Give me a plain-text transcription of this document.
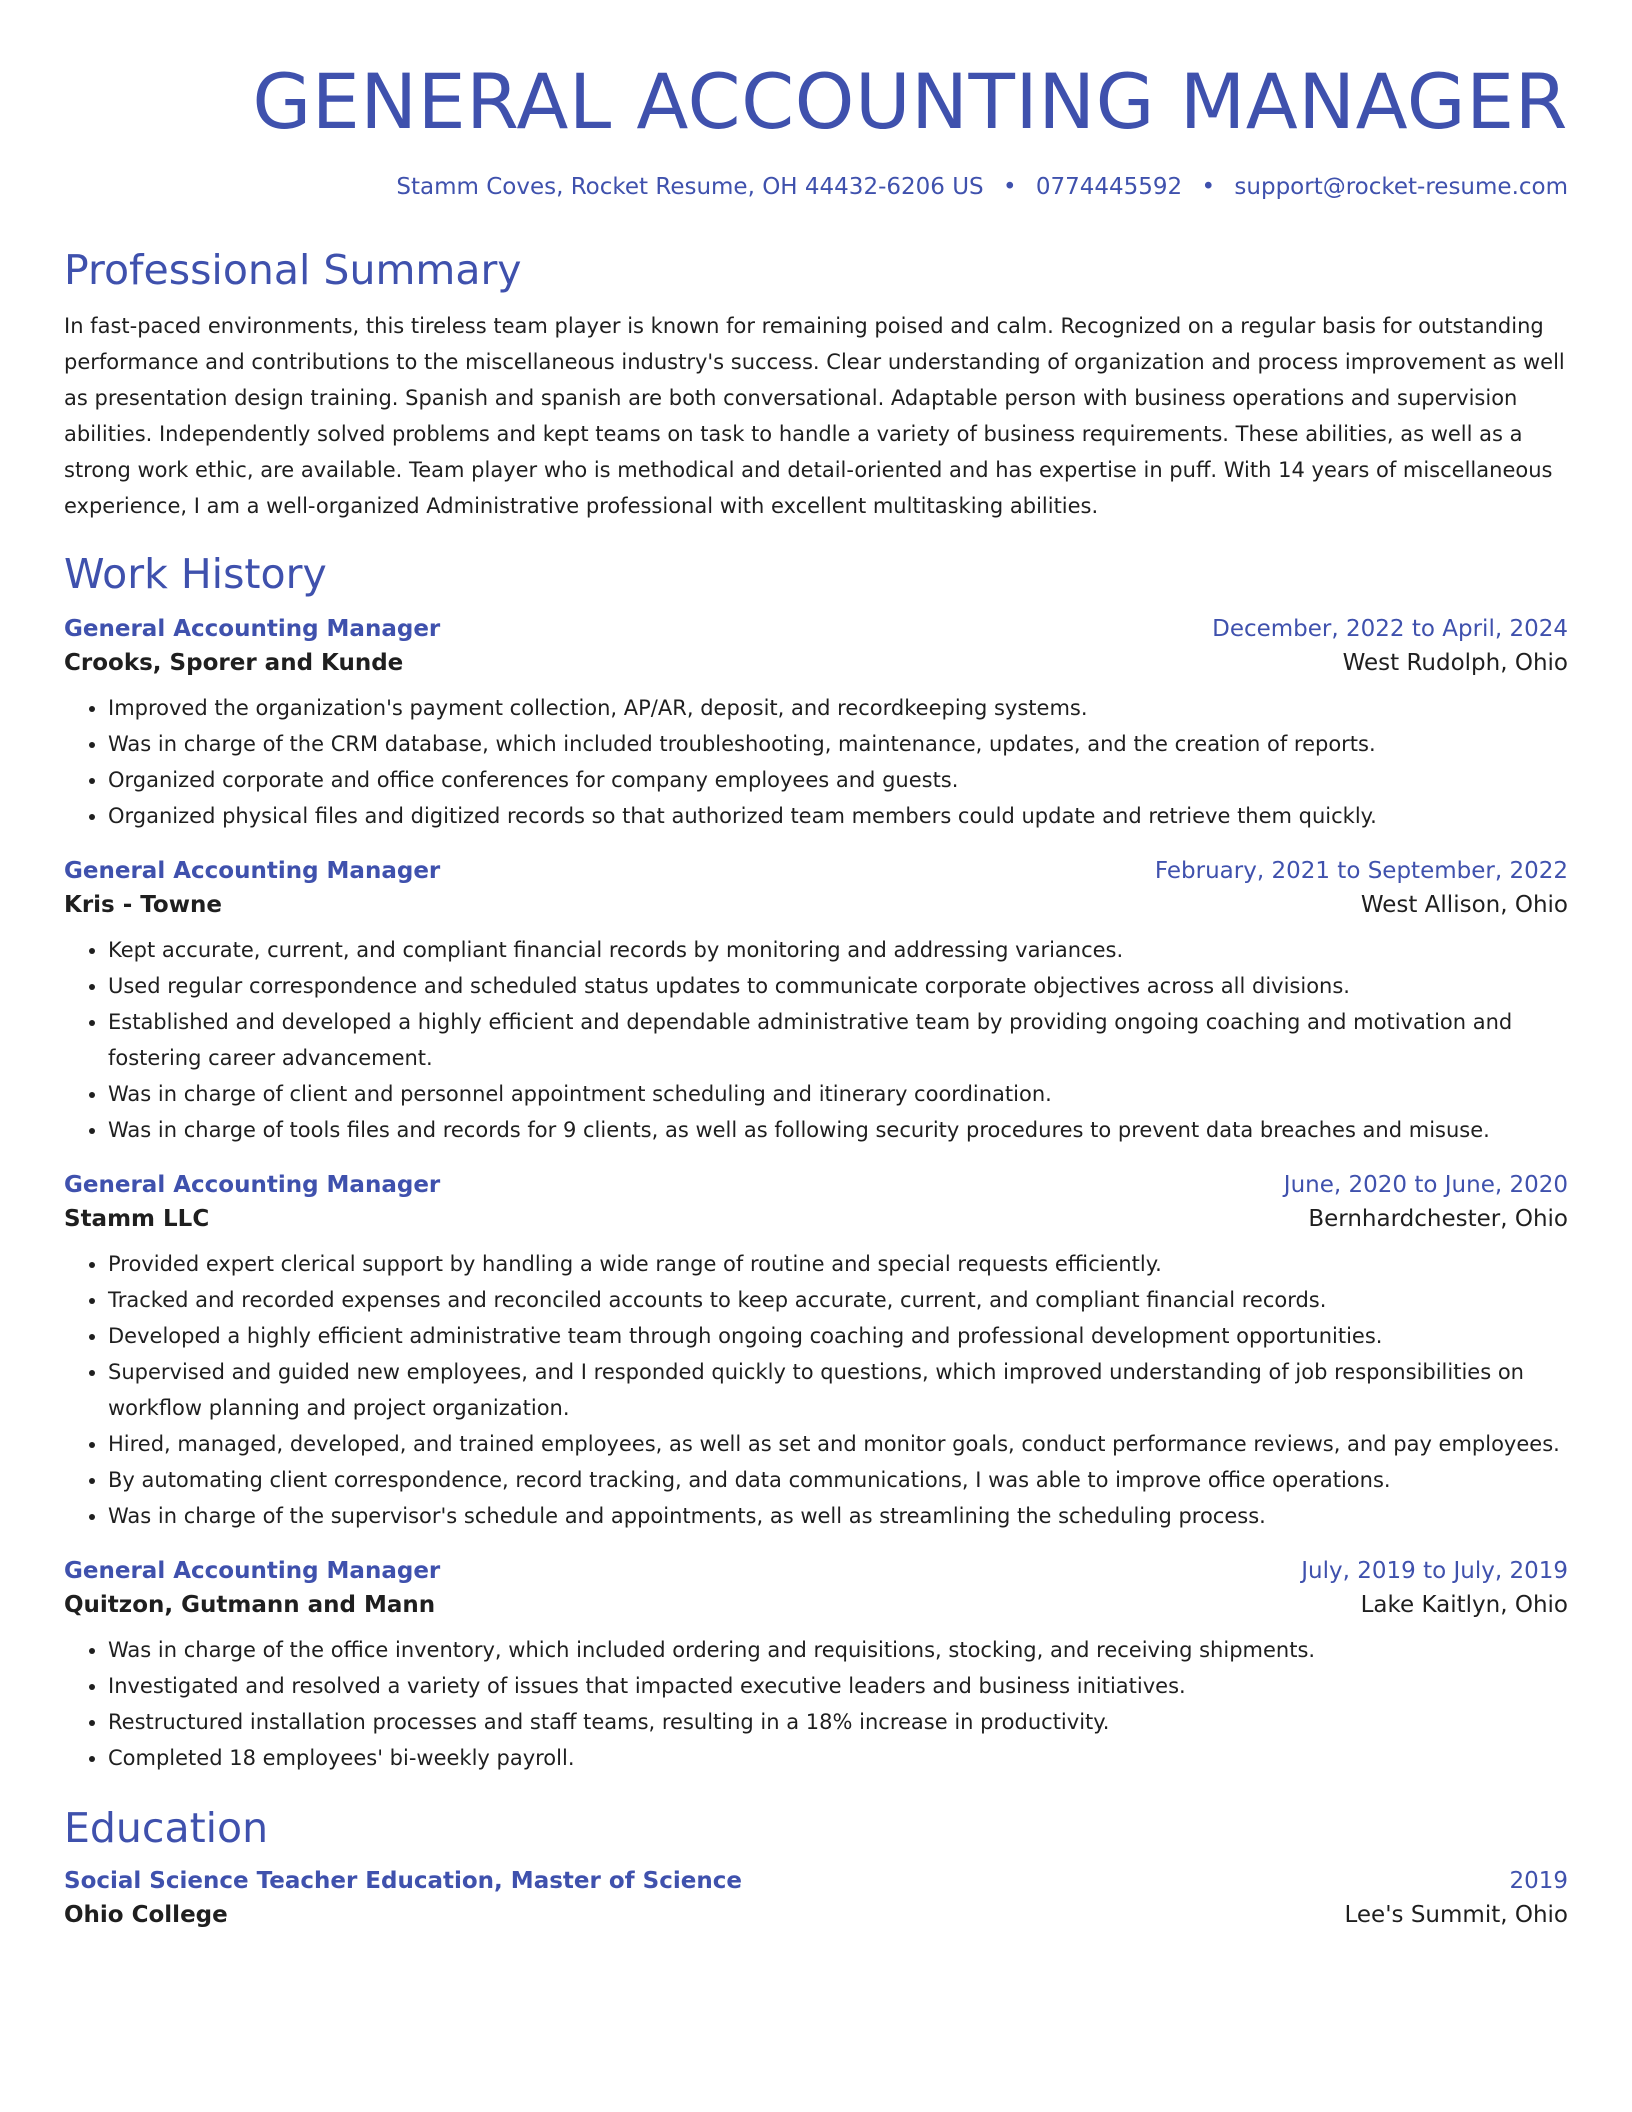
GENERAL ACCOUNTING MANAGER
Stamm Coves, Rocket Resume, OH 44432-6206 US • 0774445592 • support@rocket-resume.com
Professional Summary
In fast-paced environments, this tireless team player is known for remaining poised and calm. Recognized on a regular basis for outstanding performance and contributions to the miscellaneous industry's success. Clear understanding of organization and process improvement as well as presentation design training. Spanish and spanish are both conversational. Adaptable person with business operations and supervision abilities. Independently solved problems and kept teams on task to handle a variety of business requirements. These abilities, as well as a strong work ethic, are available. Team player who is methodical and detail-oriented and has expertise in puff. With 14 years of miscellaneous experience, I am a well-organized Administrative professional with excellent multitasking abilities.
Work History
General Accounting Manager	December, 2022 to April, 2024
Crooks, Sporer and Kunde	West Rudolph, Ohio
• Improved the organization's payment collection, AP/AR, deposit, and recordkeeping systems.
• Was in charge of the CRM database, which included troubleshooting, maintenance, updates, and the creation of reports.
• Organized corporate and office conferences for company employees and guests.
• Organized physical files and digitized records so that authorized team members could update and retrieve them quickly.
General Accounting Manager	February, 2021 to September, 2022
Kris - Towne	West Allison, Ohio
• Kept accurate, current, and compliant financial records by monitoring and addressing variances.
• Used regular correspondence and scheduled status updates to communicate corporate objectives across all divisions.
• Established and developed a highly efficient and dependable administrative team by providing ongoing coaching and motivation and fostering career advancement.
• Was in charge of client and personnel appointment scheduling and itinerary coordination.
• Was in charge of tools files and records for 9 clients, as well as following security procedures to prevent data breaches and misuse.
General Accounting Manager	June, 2020 to June, 2020
Stamm LLC	Bernhardchester, Ohio
• Provided expert clerical support by handling a wide range of routine and special requests efficiently.
• Tracked and recorded expenses and reconciled accounts to keep accurate, current, and compliant financial records.
• Developed a highly efficient administrative team through ongoing coaching and professional development opportunities.
• Supervised and guided new employees, and I responded quickly to questions, which improved understanding of job responsibilities on workflow planning and project organization.
• Hired, managed, developed, and trained employees, as well as set and monitor goals, conduct performance reviews, and pay employees.
• By automating client correspondence, record tracking, and data communications, I was able to improve office operations.
• Was in charge of the supervisor's schedule and appointments, as well as streamlining the scheduling process.
General Accounting Manager	July, 2019 to July, 2019
Quitzon, Gutmann and Mann	Lake Kaitlyn, Ohio
• Was in charge of the office inventory, which included ordering and requisitions, stocking, and receiving shipments.
• Investigated and resolved a variety of issues that impacted executive leaders and business initiatives.
• Restructured installation processes and staff teams, resulting in a 18% increase in productivity.
• Completed 18 employees' bi-weekly payroll.
Education
Social Science Teacher Education, Master of Science	2019
Ohio College	Lee's Summit, Ohio
